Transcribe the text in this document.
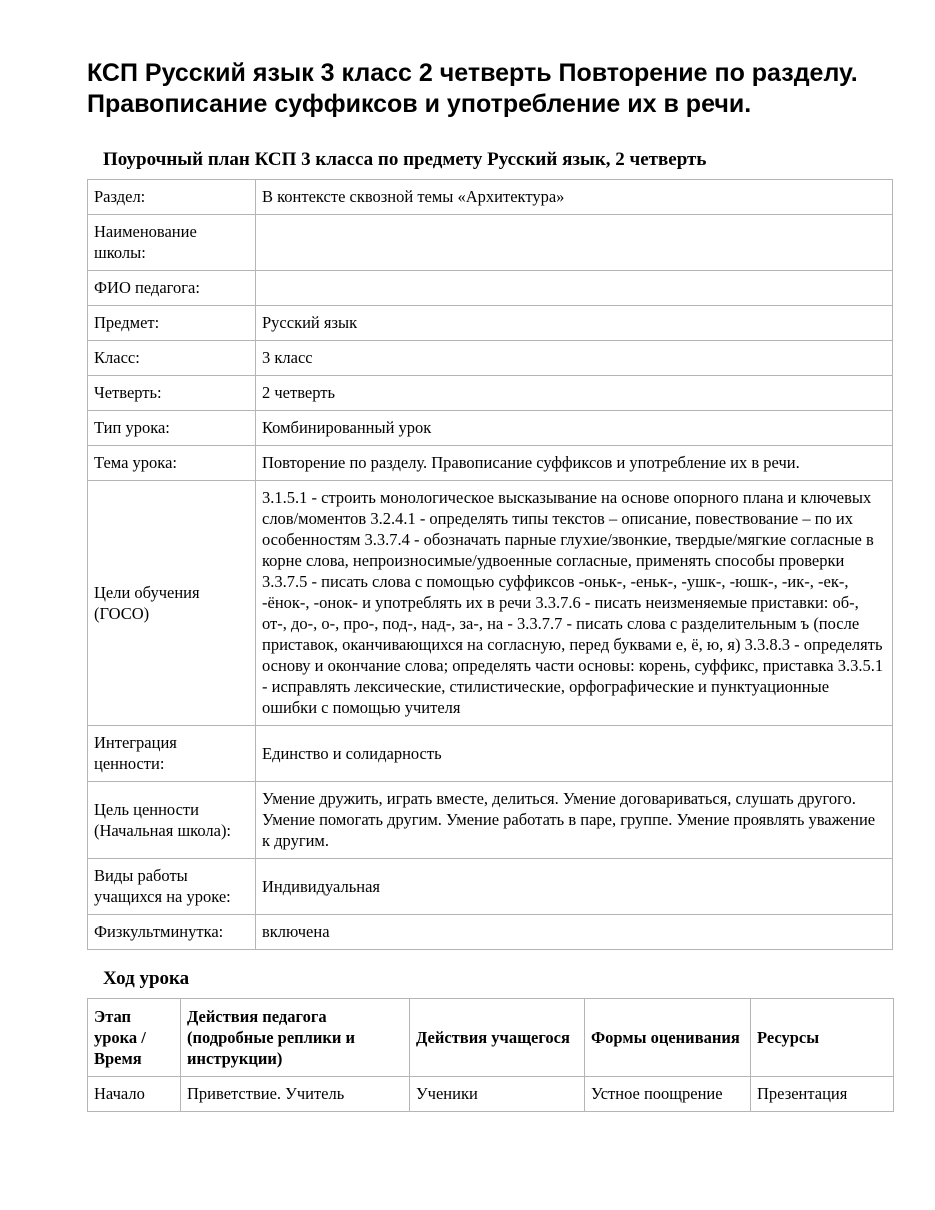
КСП Русский язык 3 класс 2 четверть Повторение по разделу. Правописание суффиксов и употребление их в речи.
Поурочный план КСП 3 класса по предмету Русский язык, 2 четверть
Раздел:	В контексте сквозной темы «Архитектура»
Наименование школы:	
ФИО педагога:	
Предмет:	Русский язык
Класс:	3 класс
Четверть:	2 четверть
Тип урока:	Комбинированный урок
Тема урока:	Повторение по разделу. Правописание суффиксов и употребление их в речи.
Цели обучения (ГОСО)	3.1.5.1 - строить монологическое высказывание на основе опорного плана и ключевых слов/моментов 3.2.4.1 - определять типы текстов – описание, повествование – по их особенностям 3.3.7.4 - обозначать парные глухие/звонкие, твердые/мягкие согласные в корне слова, непроизносимые/удвоенные согласные, применять способы проверки 3.3.7.5 - писать слова с помощью суффиксов -оньк-, -еньк-, -ушк-, -юшк-, -ик-, -ек-, -ёнок-, -онок- и употреблять их в речи 3.3.7.6 - писать неизменяемые приставки: об-, от-, до-, о-, про-, под-, над-, за-, на - 3.3.7.7 - писать слова с разделительным ъ (после приставок, оканчивающихся на согласную, перед буквами е, ё, ю, я) 3.3.8.3 - определять основу и окончание слова; определять части основы: корень, суффикс, приставка 3.3.5.1 - исправлять лексические, стилистические, орфографические и пунктуационные ошибки с помощью учителя
Интеграция ценности:	Единство и солидарность
Цель ценности (Начальная школа):	Умение дружить, играть вместе, делиться. Умение договариваться, слушать другого. Умение помогать другим. Умение работать в паре, группе. Умение проявлять уважение к другим.
Виды работы учащихся на уроке:	Индивидуальная
Физкультминутка:	включена
Ход урока
Этап урока / Время	Действия педагога (подробные реплики и инструкции)	Действия учащегося	Формы оценивания	Ресурсы
Начало	Приветствие. Учитель	Ученики	Устное поощрение	Презентация
